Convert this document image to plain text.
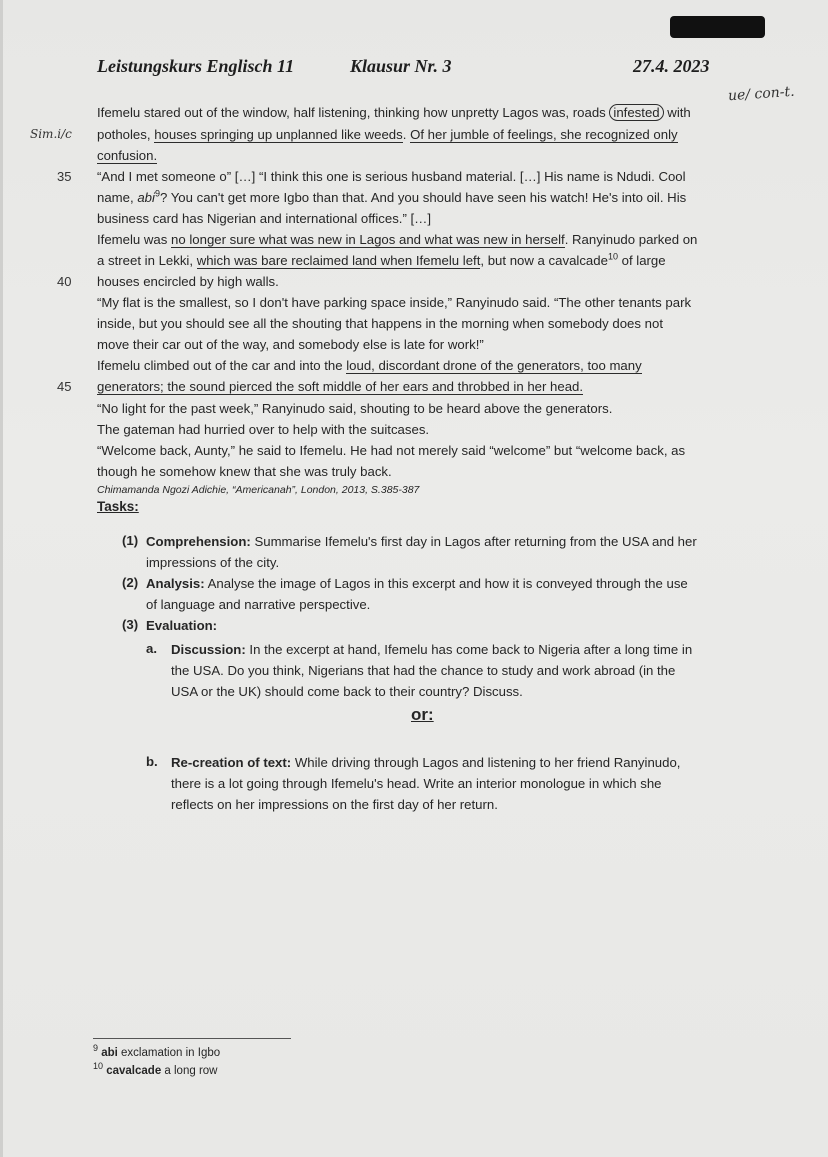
Leistungskurs Englisch 11	Klausur Nr. 3	27.4. 2023
ue/ con-t.
Sim.i/c
Ifemelu stared out of the window, half listening, thinking how unpretty Lagos was, roads infested with
potholes, houses springing up unplanned like weeds. Of her jumble of feelings, she recognized only
confusion.
35 “And I met someone o” […] “I think this one is serious husband material. […] His name is Ndudi. Cool
name, abi$^9$? You can't get more Igbo than that. And you should have seen his watch! He's into oil. His
business card has Nigerian and international offices.” […]
Ifemelu was no longer sure what was new in Lagos and what was new in herself. Ranyinudo parked on
a street in Lekki, which was bare reclaimed land when Ifemelu left, but now a cavalcade$^{10}$ of large
40 houses encircled by high walls.
“My flat is the smallest, so I don't have parking space inside,” Ranyinudo said. “The other tenants park
inside, but you should see all the shouting that happens in the morning when somebody does not
move their car out of the way, and somebody else is late for work!”
Ifemelu climbed out of the car and into the loud, discordant drone of the generators, too many
45 generators; the sound pierced the soft middle of her ears and throbbed in her head.
“No light for the past week,” Ranyinudo said, shouting to be heard above the generators.
The gateman had hurried over to help with the suitcases.
“Welcome back, Aunty,” he said to Ifemelu. He had not merely said “welcome” but “welcome back, as
though he somehow knew that she was truly back.
Chimamanda Ngozi Adichie, “Americanah”, London, 2013, S.385-387
Tasks:
(1) Comprehension: Summarise Ifemelu's first day in Lagos after returning from the USA and her
impressions of the city.
(2) Analysis: Analyse the image of Lagos in this excerpt and how it is conveyed through the use
of language and narrative perspective.
(3) Evaluation:
a. Discussion: In the excerpt at hand, Ifemelu has come back to Nigeria after a long time in
the USA. Do you think, Nigerians that had the chance to study and work abroad (in the
USA or the UK) should come back to their country? Discuss.
or:
b. Re-creation of text: While driving through Lagos and listening to her friend Ranyinudo,
there is a lot going through Ifemelu's head. Write an interior monologue in which she
reflects on her impressions on the first day of her return.
$^9$ abi exclamation in Igbo
$^{10}$ cavalcade a long row
